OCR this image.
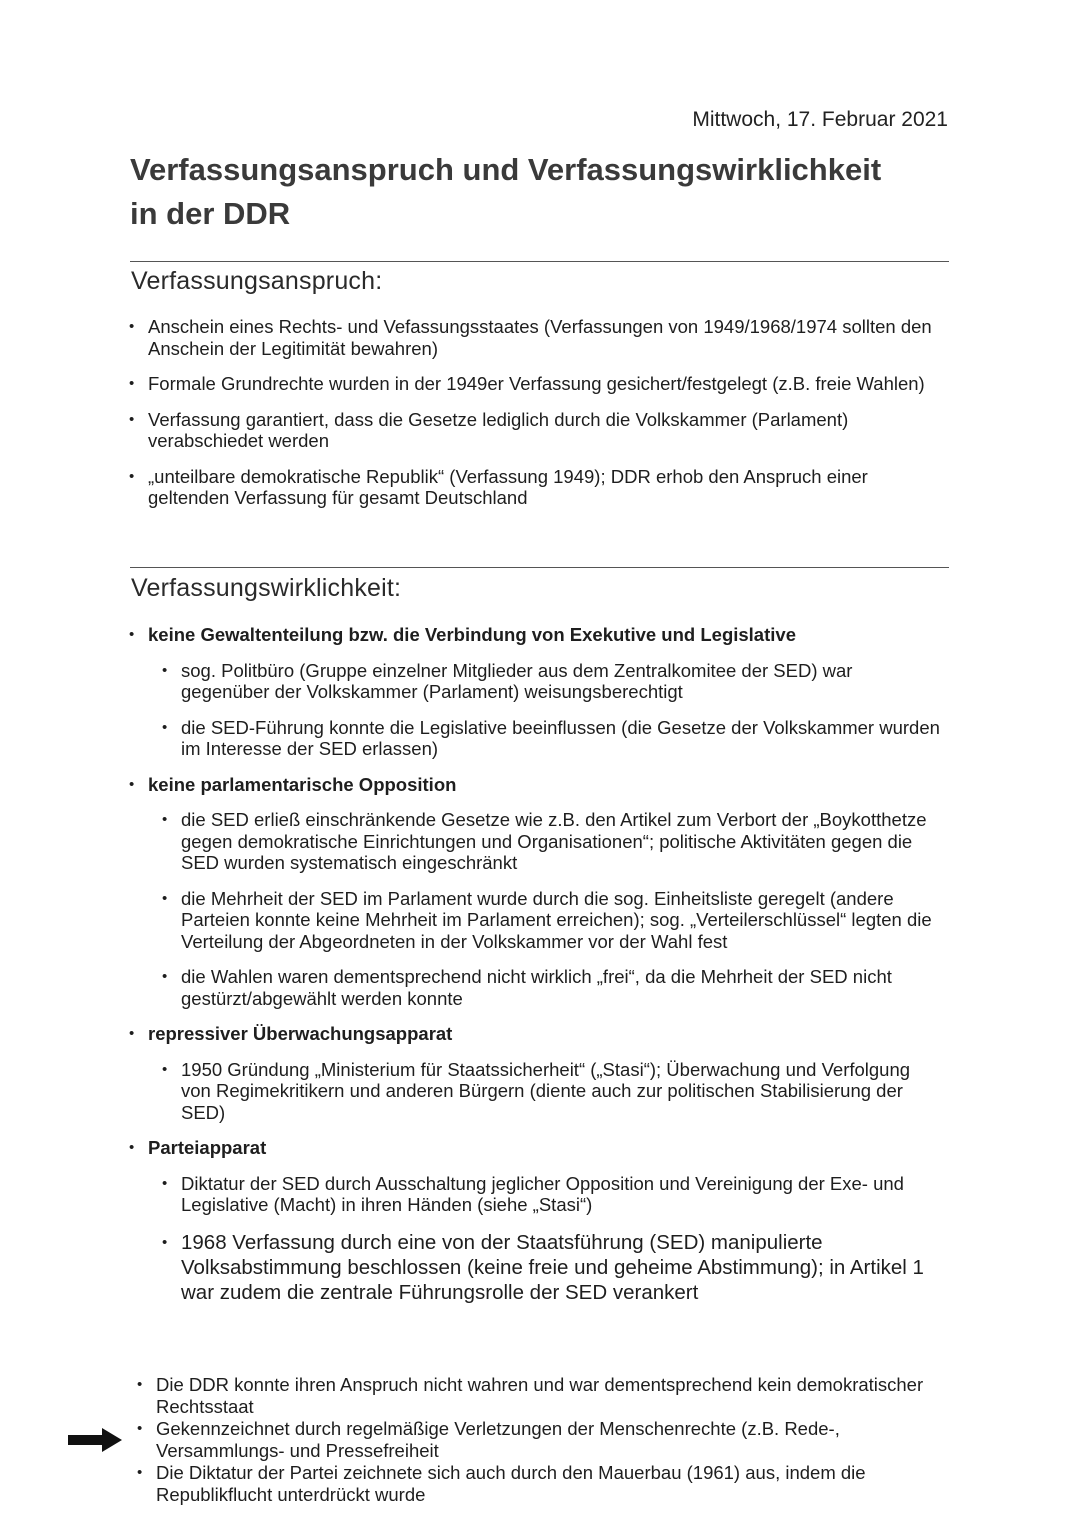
Mittwoch, 17. Februar 2021
Verfassungsanspruch und Verfassungswirklichkeit
in der DDR
Verfassungsanspruch:
• Anschein eines Rechts- und Vefassungsstaates (Verfassungen von 1949/1968/1974 sollten den Anschein der Legitimität bewahren)
• Formale Grundrechte wurden in der 1949er Verfassung gesichert/festgelegt (z.B. freie Wahlen)
• Verfassung garantiert, dass die Gesetze lediglich durch die Volkskammer (Parlament) verabschiedet werden
• „unteilbare demokratische Republik“ (Verfassung 1949); DDR erhob den Anspruch einer geltenden Verfassung für gesamt Deutschland
Verfassungswirklichkeit:
• keine Gewaltenteilung bzw. die Verbindung von Exekutive und Legislative
• sog. Politbüro (Gruppe einzelner Mitglieder aus dem Zentralkomitee der SED) war gegenüber der Volkskammer (Parlament) weisungsberechtigt
• die SED-Führung konnte die Legislative beeinflussen (die Gesetze der Volkskammer wurden im Interesse der SED erlassen)
• keine parlamentarische Opposition
• die SED erließ einschränkende Gesetze wie z.B. den Artikel zum Verbort der „Boykotthetze gegen demokratische Einrichtungen und Organisationen“; politische Aktivitäten gegen die SED wurden systematisch eingeschränkt
• die Mehrheit der SED im Parlament wurde durch die sog. Einheitsliste geregelt (andere Parteien konnte keine Mehrheit im Parlament erreichen); sog. „Verteilerschlüssel“ legten die Verteilung der Abgeordneten in der Volkskammer vor der Wahl fest
• die Wahlen waren dementsprechend nicht wirklich „frei“, da die Mehrheit der SED nicht gestürzt/abgewählt werden konnte
• repressiver Überwachungsapparat
• 1950 Gründung „Ministerium für Staatssicherheit“ („Stasi“); Überwachung und Verfolgung von Regimekritikern und anderen Bürgern (diente auch zur politischen Stabilisierung der SED)
• Parteiapparat
• Diktatur der SED durch Ausschaltung jeglicher Opposition und Vereinigung der Exe- und Legislative (Macht) in ihren Händen (siehe „Stasi“)
• 1968 Verfassung durch eine von der Staatsführung (SED) manipulierte Volksabstimmung beschlossen (keine freie und geheime Abstimmung); in Artikel 1 war zudem die zentrale Führungsrolle der SED verankert
• Die DDR konnte ihren Anspruch nicht wahren und war dementsprechend kein demokratischer Rechtsstaat
• Gekennzeichnet durch regelmäßige Verletzungen der Menschenrechte (z.B. Rede-, Versammlungs- und Pressefreiheit
• Die Diktatur der Partei zeichnete sich auch durch den Mauerbau (1961) aus, indem die Republikflucht unterdrückt wurde
